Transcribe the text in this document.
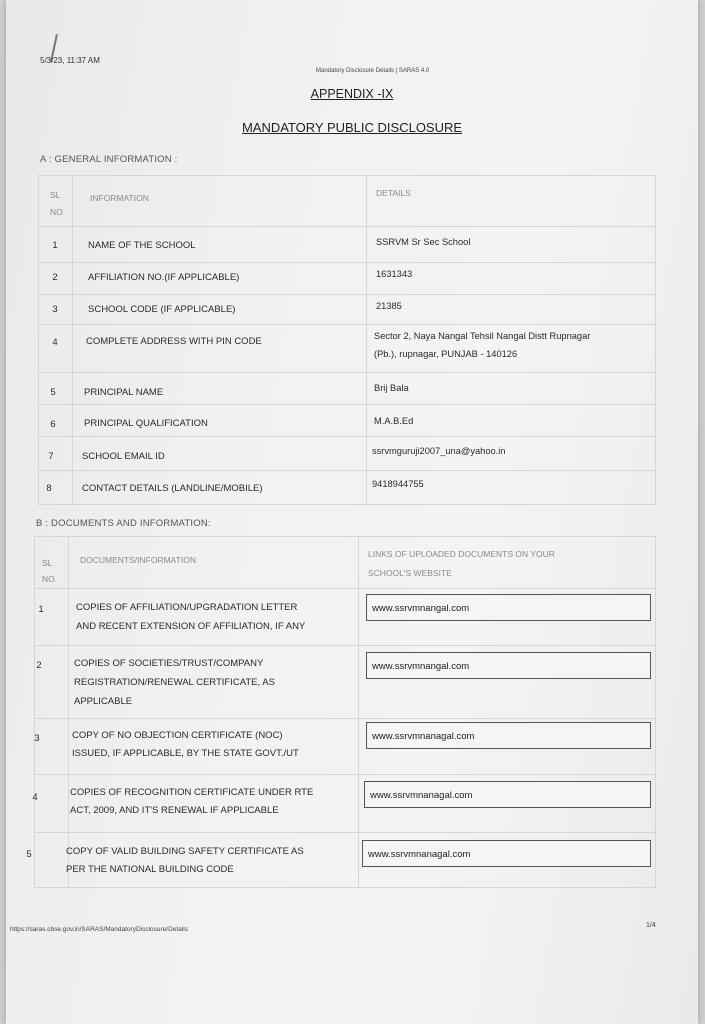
5/3/23, 11:37 AM
Mandatory Disclosure Details | SARAS 4.0
APPENDIX -IX
MANDATORY PUBLIC DISCLOSURE
A : GENERAL INFORMATION :
SL
NO.
INFORMATION	DETAILS
1	NAME OF THE SCHOOL	SSRVM Sr Sec School
2	AFFILIATION NO.(IF APPLICABLE)	1631343
3	SCHOOL CODE (IF APPLICABLE)	21385
4	COMPLETE ADDRESS WITH PIN CODE	Sector 2, Naya Nangal Tehsil Nangal Distt Rupnagar
(Pb.), rupnagar, PUNJAB - 140126
5	PRINCIPAL NAME	Brij Bala
6	PRINCIPAL QUALIFICATION	M.A.B.Ed
7	SCHOOL EMAIL ID	ssrvmguruji2007_una@yahoo.in
8	CONTACT DETAILS (LANDLINE/MOBILE)	9418944755
B : DOCUMENTS AND INFORMATION:
SL
NO.
DOCUMENTS/INFORMATION
LINKS OF UPLOADED DOCUMENTS ON YOUR
SCHOOL'S WEBSITE
1	COPIES OF AFFILIATION/UPGRADATION LETTER
AND RECENT EXTENSION OF AFFILIATION, IF ANY
www.ssrvmnangal.com
2	COPIES OF SOCIETIES/TRUST/COMPANY
REGISTRATION/RENEWAL CERTIFICATE, AS
APPLICABLE
www.ssrvmnangal.com
3	COPY OF NO OBJECTION CERTIFICATE (NOC)
ISSUED, IF APPLICABLE, BY THE STATE GOVT./UT
www.ssrvmnanagal.com
4	COPIES OF RECOGNITION CERTIFICATE UNDER RTE
ACT, 2009, AND IT'S RENEWAL IF APPLICABLE
www.ssrvmnanagal.com
5	COPY OF VALID BUILDING SAFETY CERTIFICATE AS
PER THE NATIONAL BUILDING CODE
www.ssrvmnanagal.com
https://saras.cbse.gov.in/SARAS/MandatoryDisclosure/Details
1/4
